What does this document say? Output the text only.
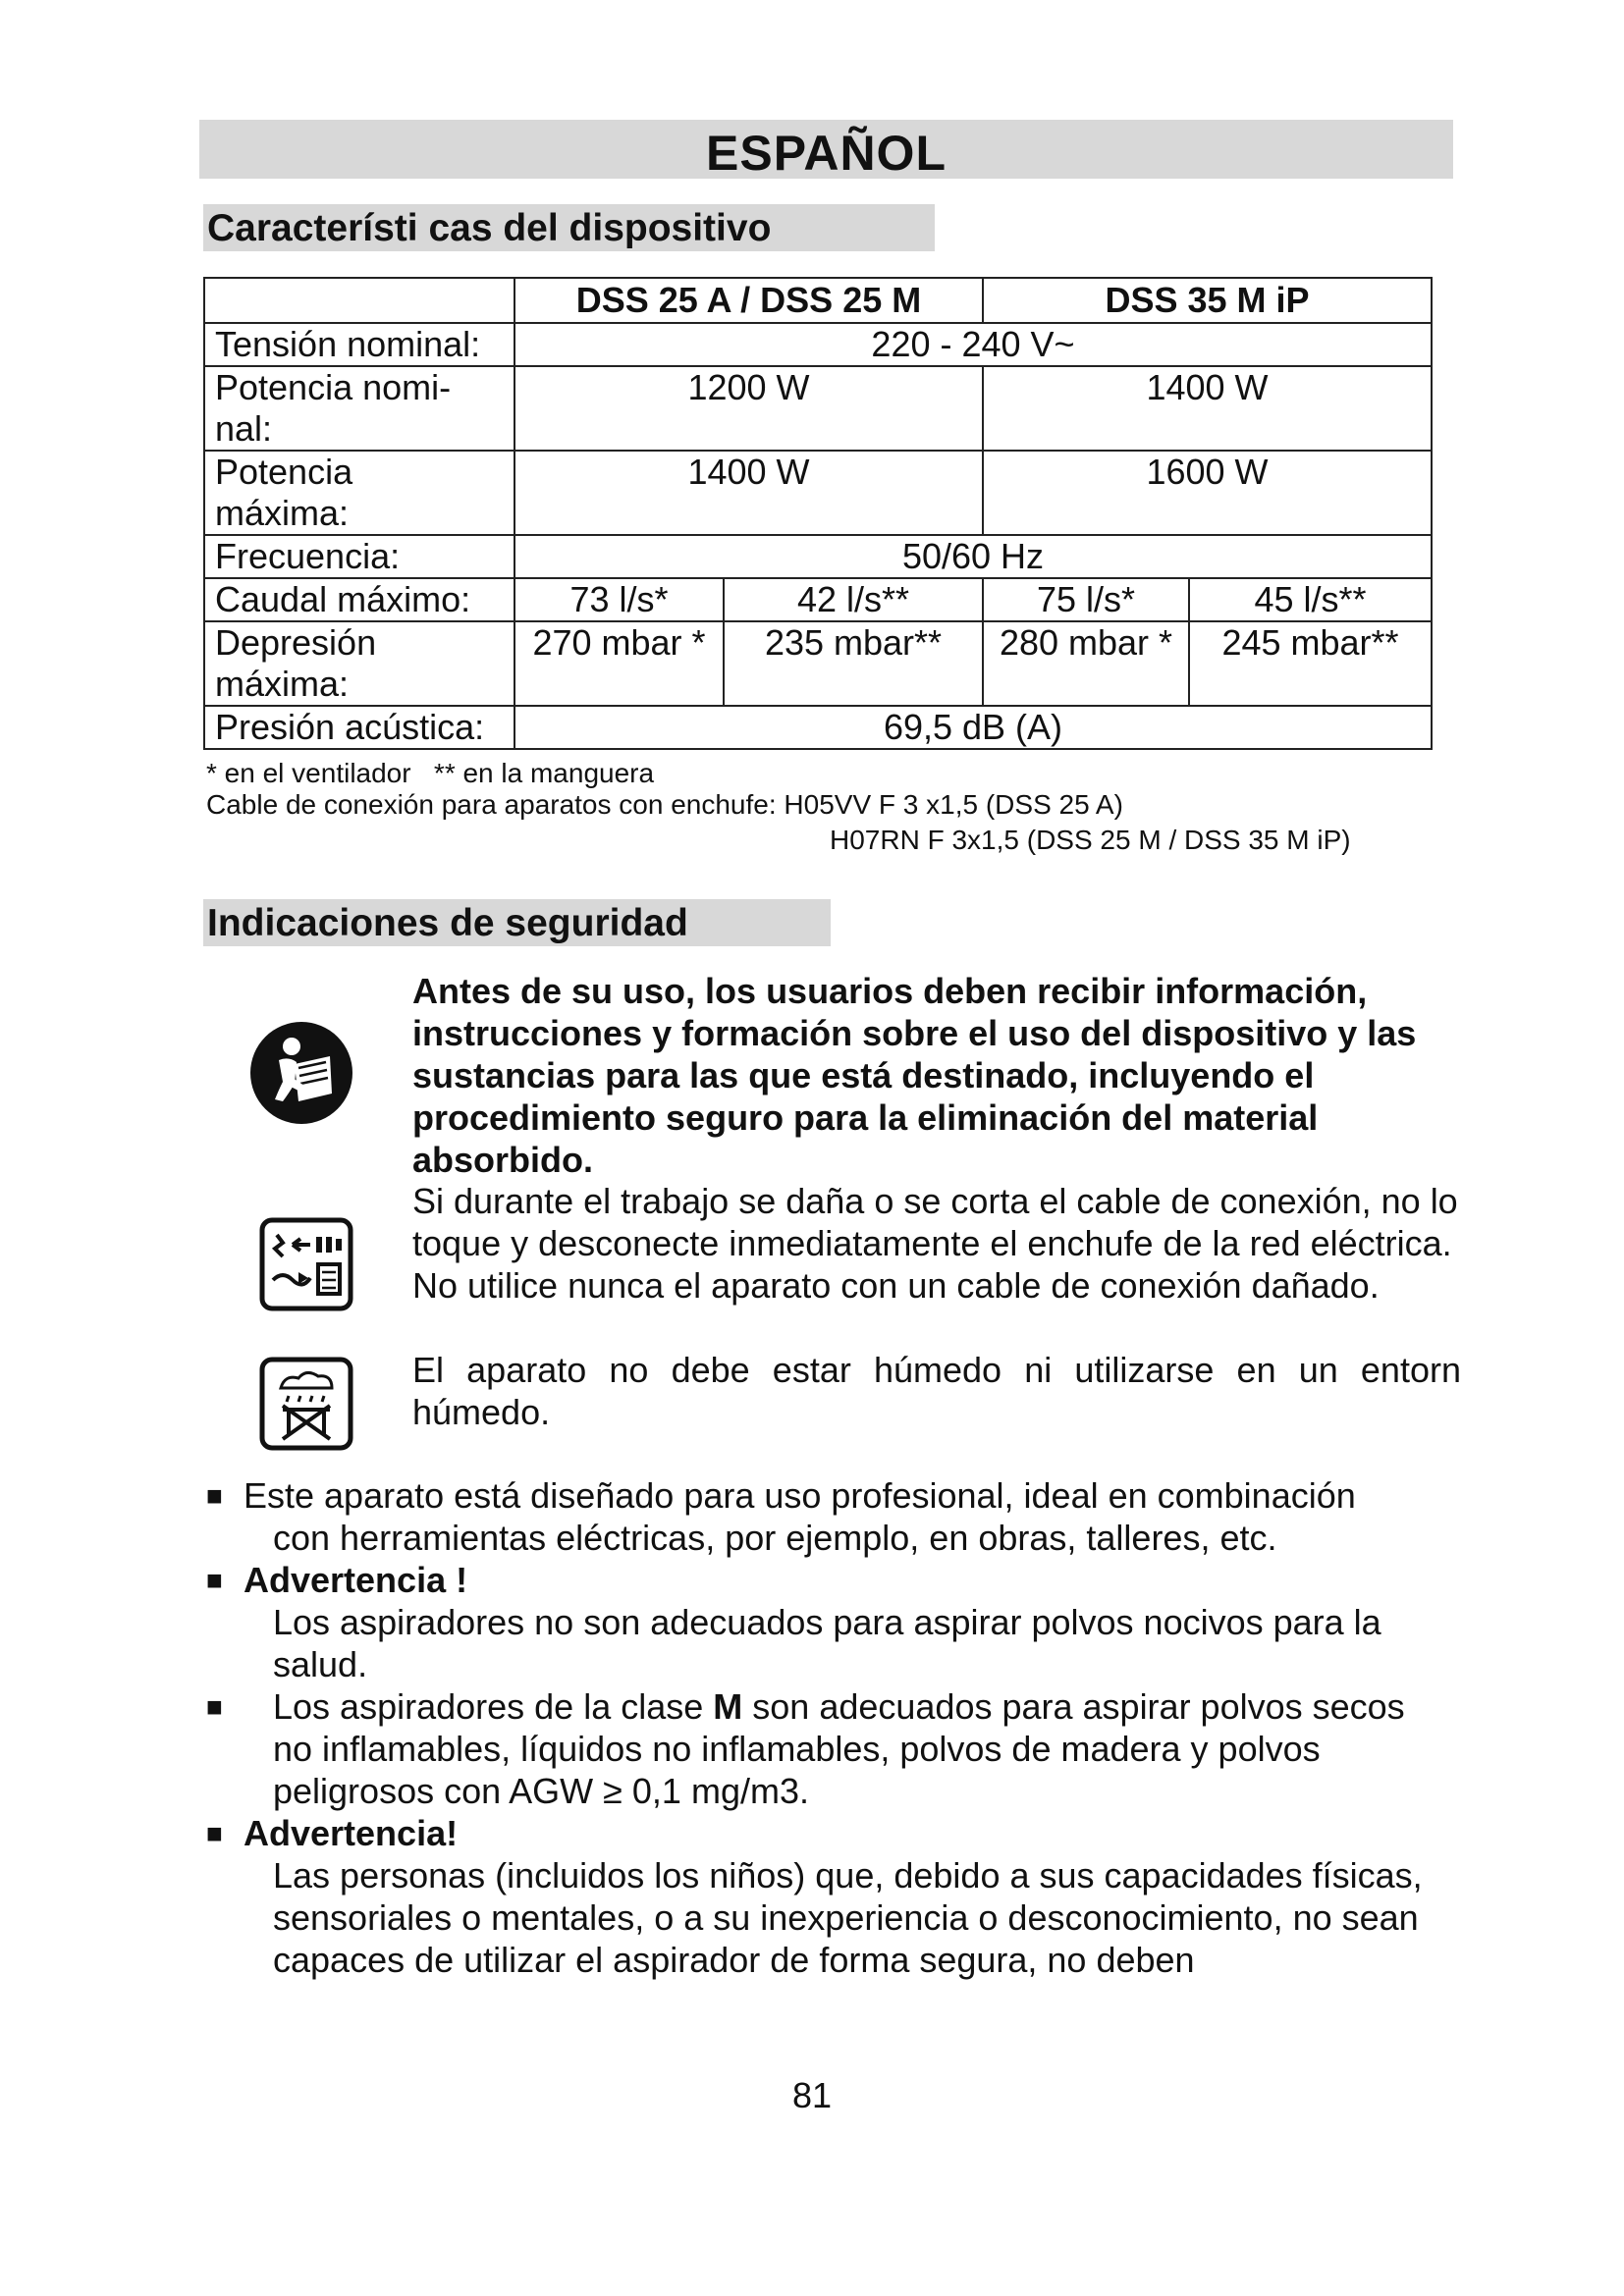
ESPAÑOL
Característi cas del dispositivo
	DSS 25 A / DSS 25 M		DSS 35 M iP	
Tensión nominal:	220 - 240 V~			
Potencia nomi-
nal:	1200 W		1400 W	
Potencia
máxima:	1400 W		1600 W	
Frecuencia:	50/60 Hz			
Caudal máximo:	73 l/s*	42 l/s**	75 l/s*	45 l/s**
Depresión
máxima:	270 mbar *	235 mbar**	280 mbar *	245 mbar**
Presión acústica:	69,5 dB (A)			
* en el ventilador   ** en la manguera
Cable de conexión para aparatos con enchufe: H05VV F 3 x1,5 (DSS 25 A)
H07RN F 3x1,5 (DSS 25 M / DSS 35 M iP)
Indicaciones de seguridad
Antes de su uso, los usuarios deben recibir información, instrucciones y formación sobre el uso del dispositivo y las sustancias para las que está destinado, incluyendo el procedimiento seguro para la eliminación del material absorbido.
Si durante el trabajo se daña o se corta el cable de conexión, no lo toque y desconecte inmediatamente el enchufe de la red eléctrica. No utilice nunca el aparato con un cable de conexión dañado.
El aparato no debe estar húmedo ni utilizarse en un entorn húmedo.
■ Este aparato está diseñado para uso profesional, ideal en combinación
con herramientas eléctricas, por ejemplo, en obras, talleres, etc.
■ Advertencia !
Los aspiradores no son adecuados para aspirar polvos nocivos para la salud.
■ Los aspiradores de la clase M son adecuados para aspirar polvos secos no inflamables, líquidos no inflamables, polvos de madera y polvos peligrosos con AGW ≥ 0,1 mg/m3.
■ Advertencia!
Las personas (incluidos los niños) que, debido a sus capacidades físicas, sensoriales o mentales, o a su inexperiencia o desconocimiento, no sean capaces de utilizar el aspirador de forma segura, no deben
81
